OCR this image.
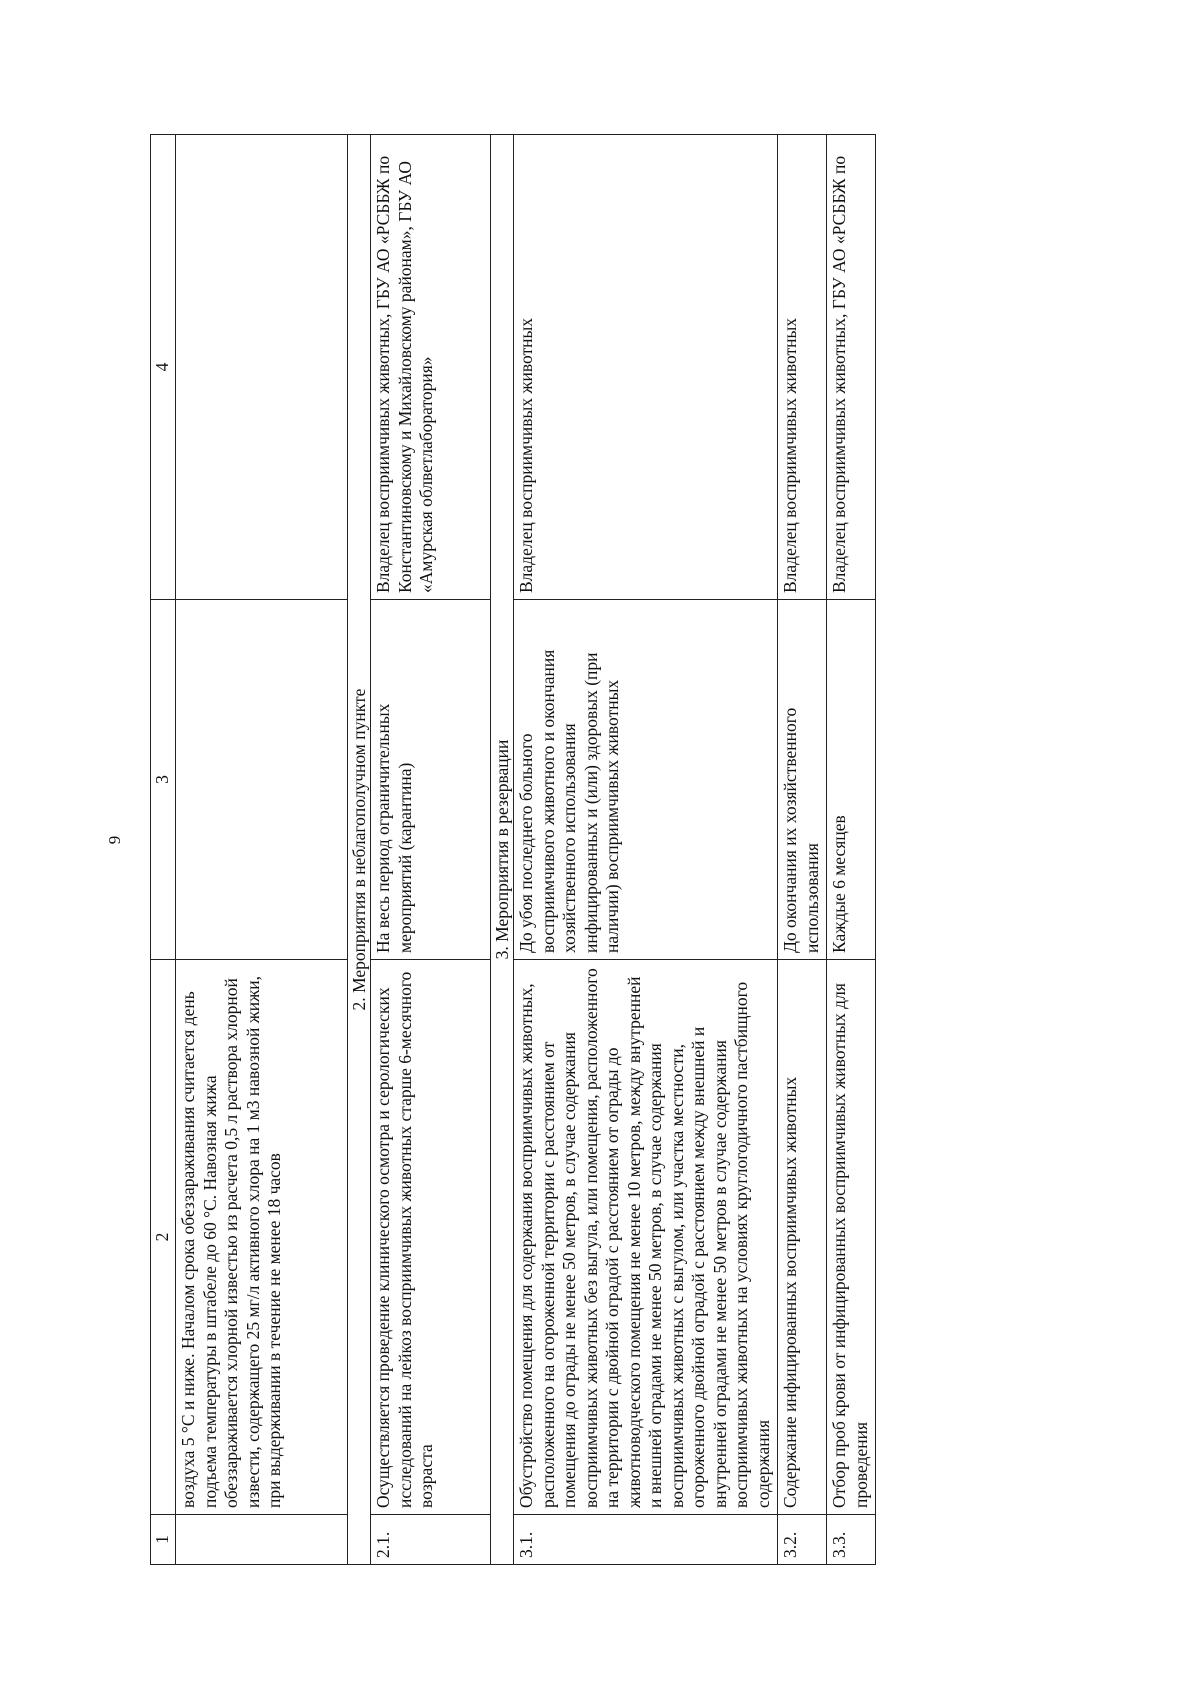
9
1	2	3	4
	воздуха 5 °С и ниже. Началом срока обеззараживания считается день подъема температуры в штабеле до 60 °С. Навозная жижа обеззараживается хлорной известью из расчета 0,5 л раствора хлорной извести, содержащего 25 мг/л активного хлора на 1 м3 навозной жижи, при выдерживании в течение не менее 18 часов		
2. Мероприятия в неблагополучном пункте			
2.1.	Осуществляется проведение клинического осмотра и серологических исследований на лейкоз восприимчивых животных старше 6-месячного возраста	На весь период ограничительных мероприятий (карантина)	Владелец восприимчивых животных, ГБУ АО «РСББЖ по Константиновскому и Михайловскому районам», ГБУ АО «Амурская облветлаборатория»
3. Мероприятия в резервации			
3.1.	Обустройство помещения для содержания восприимчивых животных, расположенного на огороженной территории с расстоянием от помещения до ограды не менее 50 метров, в случае содержания восприимчивых животных без выгула, или помещения, расположенного на территории с двойной оградой с расстоянием от ограды до животноводческого помещения не менее 10 метров, между внутренней и внешней оградами не менее 50 метров, в случае содержания восприимчивых животных с выгулом, или участка местности, огороженного двойной оградой с расстоянием между внешней и внутренней оградами не менее 50 метров в случае содержания восприимчивых животных на условиях круглогодичного пастбищного содержания	До убоя последнего больного восприимчивого животного и окончания хозяйственного использования инфицированных и (или) здоровых (при наличии) восприимчивых животных	Владелец восприимчивых животных
3.2.	Содержание инфицированных восприимчивых животных	До окончания их хозяйственного использования	Владелец восприимчивых животных
3.3.	Отбор проб крови от инфицированных восприимчивых животных для проведения	Каждые 6 месяцев	Владелец восприимчивых животных, ГБУ АО «РСББЖ по
